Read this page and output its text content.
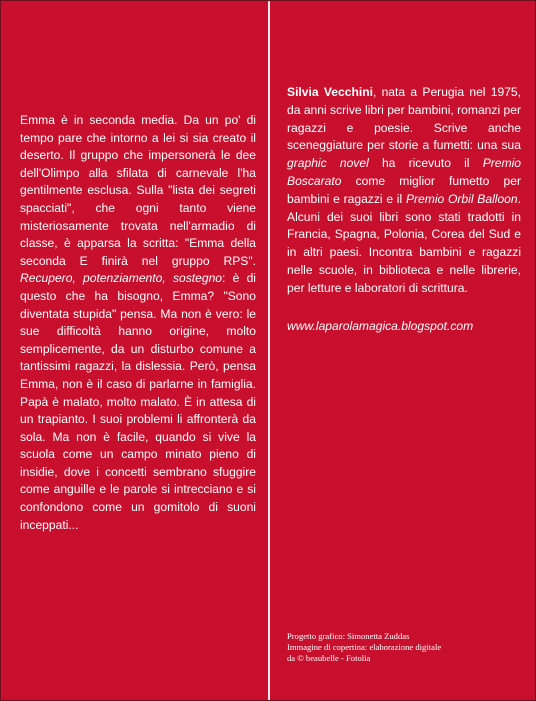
Emma è in seconda media. Da un po' di tempo pare che intorno a lei si sia creato il deserto. Il gruppo che impersonerà le dee dell'Olimpo alla sfilata di carnevale l'ha gentilmente esclusa. Sulla "lista dei segreti spacciati", che ogni tanto viene misteriosamente trovata nell'armadio di classe, è apparsa la scritta: "Emma della seconda E finirà nel gruppo RPS". Recupero, potenziamento, sostegno: è di questo che ha bisogno, Emma? "Sono diventata stupida" pensa. Ma non è vero: le sue difficoltà hanno origine, molto semplicemente, da un disturbo comune a tantissimi ragazzi, la dislessia. Però, pensa Emma, non è il caso di parlarne in famiglia. Papà è malato, molto malato. È in attesa di un trapianto. I suoi problemi li affronterà da sola. Ma non è facile, quando si vive la scuola come un campo minato pieno di insidie, dove i concetti sembrano sfuggire come anguille e le parole si intrecciano e si confondono come un gomitolo di suoni inceppati...
Silvia Vecchini, nata a Perugia nel 1975, da anni scrive libri per bambini, romanzi per ragazzi e poesie. Scrive anche sceneggiature per storie a fumetti: una sua graphic novel ha ricevuto il Premio Boscarato come miglior fumetto per bambini e ragazzi e il Premio Orbil Balloon. Alcuni dei suoi libri sono stati tradotti in Francia, Spagna, Polonia, Corea del Sud e in altri paesi. Incontra bambini e ragazzi nelle scuole, in biblioteca e nelle librerie, per letture e laboratori di scrittura.
www.laparolamagica.blogspot.com
Progetto grafico: Simonetta Zuddas
Immagine di copertina: elaborazione digitale
da © beaubelle - Fotolia
